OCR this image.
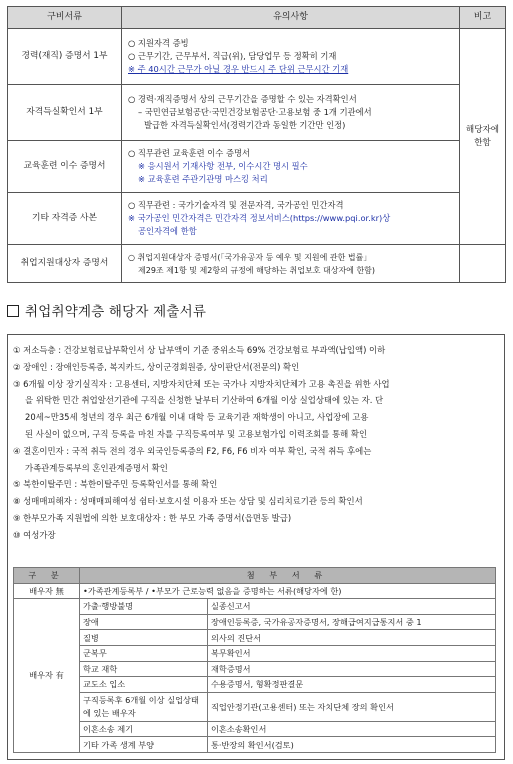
구비서류	유의사항	비고
경력(재직) 증명서 1부	○ 지원자격 증빙
○ 근무기간, 근무부서, 직급(위), 담당업무 등 정확히 기재
※ 주 40시간 근무가 아닐 경우 반드시 주 단위 근무시간 기재	해당자에
한함

자격득실확인서 1부	○ 경력·재직증명서 상의 근무기간을 증명할 수 있는 자격확인서
– 국민연금보험공단·국민건강보험공단·고용보험 중 1개 기관에서
발급한 자격득실확인서(경력기간과 동일한 기간만 인정)	

교육훈련 이수 증명서	○ 직무관련 교육훈련 이수 증명서
※ 응시원서 기재사항 전부, 이수시간 명시 필수
※ 교육훈련 주관기관명 마스킹 처리	

기타 자격증 사본	○ 직무관련 : 국가기술자격 및 전문자격, 국가공인 민간자격
※ 국가공인 민간자격은 민간자격 정보서비스(https://www.pqi.or.kr)상
공인자격에 한함	

취업지원대상자 증명서	○ 취업지원대상자 증명서(「국가유공자 등 예우 및 지원에 관한 법률」
제29조 제1항 및 제2항의 규정에 해당하는 취업보호 대상자에 한함)	

취업취약계층 해당자 제출서류
① 저소득층 : 건강보험료납부확인서 상 납부액이 기준 중위소득 69% 건강보험료 부과액(납입액) 이하
② 장애인 : 장애인등록증, 복지카드, 상이군경회원증, 상이판단서(전문의) 확인
③ 6개월 이상 장기실직자 : 고용센터, 지방자치단체 또는 국가나 지방자치단체가 고용 촉진을 위한 사업
을 위탁한 민간 취업알선기관에 구직을 신청한 날부터 기산하여 6개월 이상 실업상태에 있는 자. 단
20세~만35세 청년의 경우 최근 6개월 이내 대학 등 교육기관 재학생이 아니고, 사업장에 고용
된 사실이 없으며, 구직 등록을 마친 자를 구직등록여부 및 고용보험가입 이력조회를 통해 확인
④ 결혼이민자 : 국적 취득 전의 경우 외국인등록증의 F2, F6, F6 비자 여부 확인, 국적 취득 후에는
가족관계등록부의 혼인관계증명서 확인
⑤ 북한이탈주민 : 북한이탈주민 등록확인서를 통해 확인
⑧ 성매매피해자 : 성매매피해여성 쉼터·보호시설 이용자 또는 상담 및 심리치료기관 등의 확인서
⑨ 한부모가족 지원법에 의한 보호대상자 : 한 부모 가족 증명서(읍면동 발급)
⑩ 여성가장
구 분	첨 부 서 류	
배우자 無	•가족관계등록부 / •부모가 근로능력 없음을 증명하는 서류(해당자에 한)	
배우자 有	가출·행방불명	실종신고서
	장애	장애인등록증, 국가유공자증명서, 장해급여지급통지서 중 1
	질병	의사의 진단서
	군복무	복무확인서
	학교 재학	재학증명서
	교도소 입소	수용증명서, 형확정판결문
	구직등록후 6개월 이상 실업상태에 있는 배우자	직업안정기관(고용센터) 또는 자치단체 장의 확인서
	이혼소송 제기	이혼소송확인서
	기타 가족 생계 부양	통·반장의 확인서(검토)
